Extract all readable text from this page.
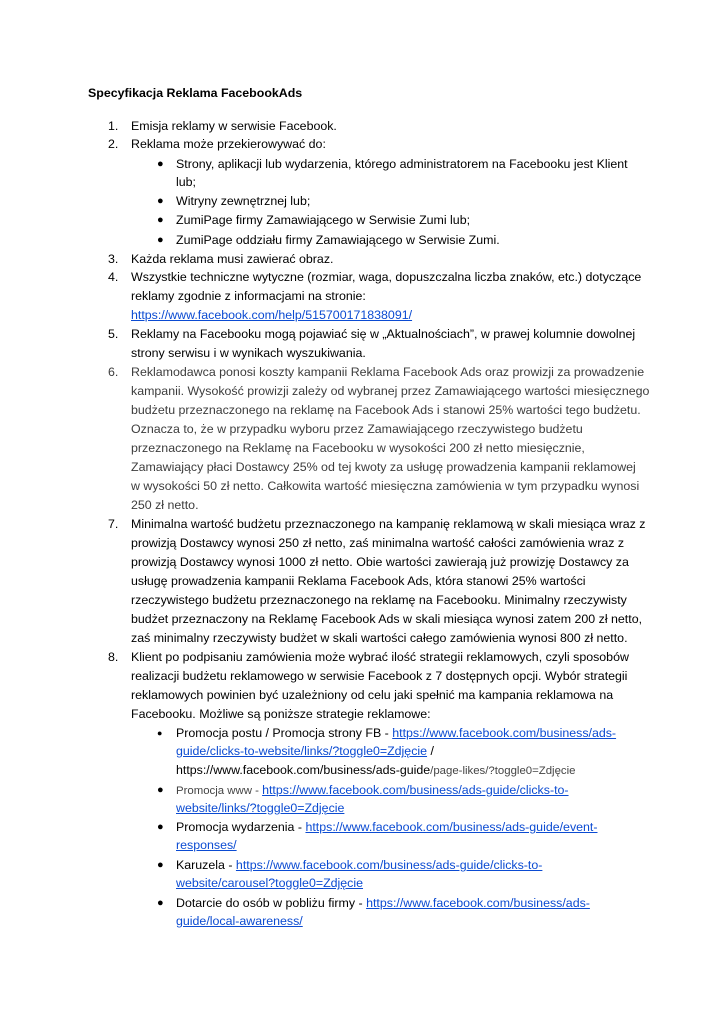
Specyfikacja Reklama FacebookAds
1. Emisja reklamy w serwisie Facebook.
2. Reklama może przekierowywać do:
● Strony, aplikacji lub wydarzenia, którego administratorem na Facebooku jest Klient
lub;
● Witryny zewnętrznej lub;
● ZumiPage firmy Zamawiającego w Serwisie Zumi lub;
● ZumiPage oddziału firmy Zamawiającego w Serwisie Zumi.
3. Każda reklama musi zawierać obraz.
4. Wszystkie techniczne wytyczne (rozmiar, waga, dopuszczalna liczba znaków, etc.) dotyczące
reklamy zgodnie z informacjami na stronie:
https://www.facebook.com/help/515700171838091/
5. Reklamy na Facebooku mogą pojawiać się w „Aktualnościach”, w prawej kolumnie dowolnej
strony serwisu i w wynikach wyszukiwania.
6. Reklamodawca ponosi koszty kampanii Reklama Facebook Ads oraz prowizji za prowadzenie
kampanii. Wysokość prowizji zależy od wybranej przez Zamawiającego wartości miesięcznego
budżetu przeznaczonego na reklamę na Facebook Ads i stanowi 25% wartości tego budżetu.
Oznacza to, że w przypadku wyboru przez Zamawiającego rzeczywistego budżetu
przeznaczonego na Reklamę na Facebooku w wysokości 200 zł netto miesięcznie,
Zamawiający płaci Dostawcy 25% od tej kwoty za usługę prowadzenia kampanii reklamowej
w wysokości 50 zł netto. Całkowita wartość miesięczna zamówienia w tym przypadku wynosi
250 zł netto.
7. Minimalna wartość budżetu przeznaczonego na kampanię reklamową w skali miesiąca wraz z
prowizją Dostawcy wynosi 250 zł netto, zaś minimalna wartość całości zamówienia wraz z
prowizją Dostawcy wynosi 1000 zł netto. Obie wartości zawierają już prowizję Dostawcy za
usługę prowadzenia kampanii Reklama Facebook Ads, która stanowi 25% wartości
rzeczywistego budżetu przeznaczonego na reklamę na Facebooku. Minimalny rzeczywisty
budżet przeznaczony na Reklamę Facebook Ads w skali miesiąca wynosi zatem 200 zł netto,
zaś minimalny rzeczywisty budżet w skali wartości całego zamówienia wynosi 800 zł netto.
8. Klient po podpisaniu zamówienia może wybrać ilość strategii reklamowych, czyli sposobów
realizacji budżetu reklamowego w serwisie Facebook z 7 dostępnych opcji. Wybór strategii
reklamowych powinien być uzależniony od celu jaki spełnić ma kampania reklamowa na
Facebooku. Możliwe są poniższe strategie reklamowe:
● Promocja postu / Promocja strony FB - https://www.facebook.com/business/ads-
guide/clicks-to-website/links/?toggle0=Zdjęcie /
https://www.facebook.com/business/ads-guide/page-likes/?toggle0=Zdjęcie
● Promocja www - https://www.facebook.com/business/ads-guide/clicks-to-
website/links/?toggle0=Zdjęcie
● Promocja wydarzenia - https://www.facebook.com/business/ads-guide/event-
responses/
● Karuzela - https://www.facebook.com/business/ads-guide/clicks-to-
website/carousel?toggle0=Zdjęcie
● Dotarcie do osób w pobliżu firmy - https://www.facebook.com/business/ads-
guide/local-awareness/
